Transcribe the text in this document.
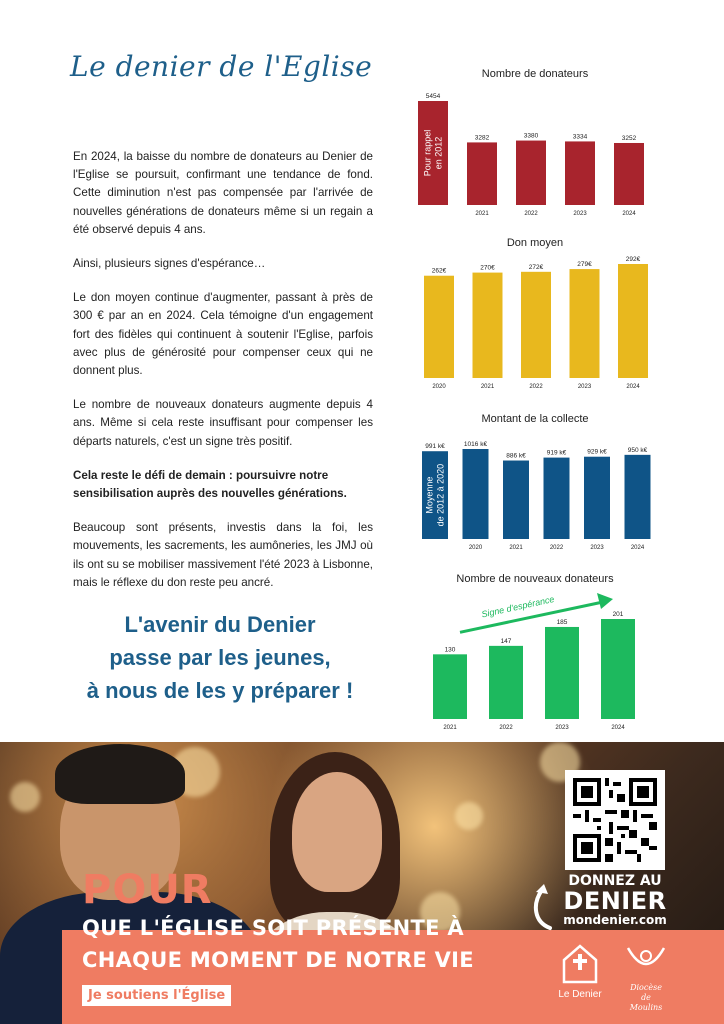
Le denier de l'Eglise

En 2024, la baisse du nombre de donateurs au Denier de l'Eglise se poursuit, confirmant une tendance de fond. Cette diminution n'est pas compensée par l'arrivée de nouvelles générations de donateurs même si un regain a été observé depuis 4 ans.

Ainsi, plusieurs signes d'espérance…

Le don moyen continue d'augmenter, passant à près de 300 € par an en 2024. Cela témoigne d'un engagement fort des fidèles qui continuent à soutenir l'Eglise, parfois avec plus de générosité pour compenser ceux qui ne donnent plus.

Le nombre de nouveaux donateurs augmente depuis 4 ans. Même si cela reste insuffisant pour compenser les départs naturels, c'est un signe très positif.

Cela reste le défi de demain : poursuivre notre sensibilisation auprès des nouvelles générations.

Beaucoup sont présents, investis dans la foi, les mouvements, les sacrements, les aumôneries, les JMJ où ils ont su se mobiliser massivement l'été 2023 à Lisbonne, mais le réflexe du don reste peu ancré.

L'avenir du Denier
passe par les jeunes,
à nous de les y préparer !
Nombre de donateurs
5454
3282
2021
3380
2022
3334
2023
3252
2024
Pour rappel en 2012
Don moyen
262€
2020
270€
2021
272€
2022
279€
2023
292€
2024
Montant de la collecte
991 k€	1016 k€
2020
886 k€
2021
919 k€
2022
929 k€
2023
950 k€
2024
Moyenne de 2012 à 2020
Nombre de nouveaux donateurs
130
2021
147
2022
185
2023
201
2024
Signe d'espérance
POUR
QUE L'ÉGLISE SOIT PRÉSENTE À
CHAQUE MOMENT DE NOTRE VIE
Je soutiens l'Église
DONNEZ AU
DENIER
mondenier.com
Le Denier
Diocèse
de
Moulins
